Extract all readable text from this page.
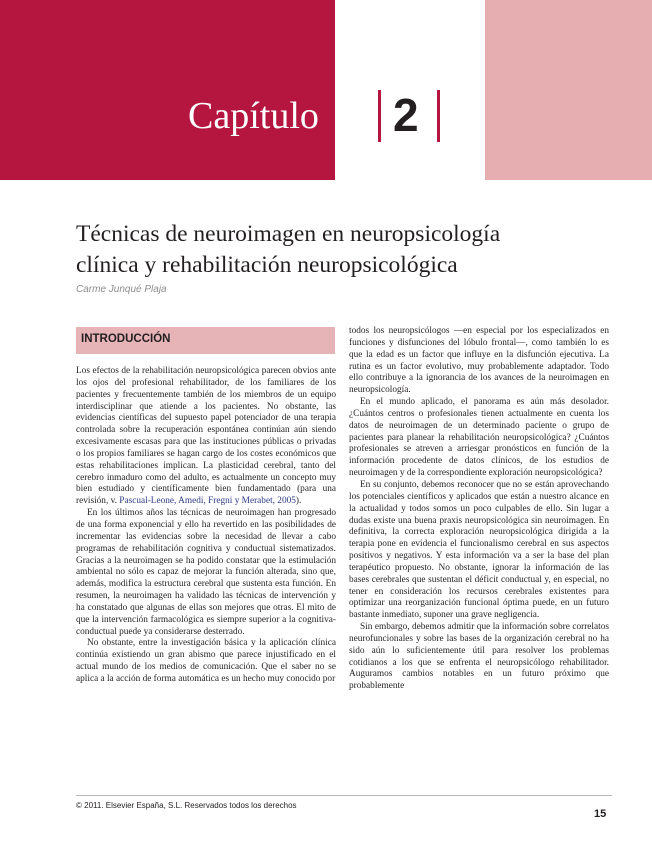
Capítulo 2
Técnicas de neuroimagen en neuropsicología
clínica y rehabilitación neuropsicológica
Carme Junqué Plaja
INTRODUCCIÓN

Los efectos de la rehabilitación neuropsicológica parecen obvios ante los ojos del profesional rehabilitador, de los familiares de los pacientes y frecuentemente también de los miembros de un equipo interdisciplinar que atiende a los pacientes. No obstante, las evidencias científicas del supuesto papel potenciador de una terapia controlada sobre la recuperación espontánea continúan aún siendo excesivamente escasas para que las instituciones públicas o privadas o los propios familiares se hagan cargo de los costes económicos que estas rehabilitaciones implican. La plasticidad cerebral, tanto del cerebro inmaduro como del adulto, es actualmente un concepto muy bien estudiado y científicamente bien fundamentado (para una revisión, v. Pascual-Leone, Amedi, Fregni y Merabet, 2005).

En los últimos años las técnicas de neuroimagen han progresado de una forma exponencial y ello ha revertido en las posibilidades de incrementar las evidencias sobre la necesidad de llevar a cabo programas de rehabilitación cognitiva y conductual sistematizados. Gracias a la neuroimagen se ha podido constatar que la estimulación ambiental no sólo es capaz de mejorar la función alterada, sino que, además, modifica la estructura cerebral que sustenta esta función. En resumen, la neuroimagen ha validado las técnicas de intervención y ha constatado que algunas de ellas son mejores que otras. El mito de que la intervención farmacológica es siempre superior a la cognitiva-conductual puede ya considerarse desterrado.

No obstante, entre la investigación básica y la aplicación clínica continúa existiendo un gran abismo que parece injustificado en el actual mundo de los medios de comunicación. Que el saber no se aplica a la acción de forma automática es un hecho muy conocido por

todos los neuropsicólogos —en especial por los especializados en funciones y disfunciones del lóbulo frontal—, como también lo es que la edad es un factor que influye en la disfunción ejecutiva. La rutina es un factor evolutivo, muy probablemente adaptador. Todo ello contribuye a la ignorancia de los avances de la neuroimagen en neuropsicología.

En el mundo aplicado, el panorama es aún más desolador. ¿Cuántos centros o profesionales tienen actualmente en cuenta los datos de neuroimagen de un determinado paciente o grupo de pacientes para planear la rehabilitación neuropsicológica? ¿Cuántos profesionales se atreven a arriesgar pronósticos en función de la información procedente de datos clínicos, de los estudios de neuroimagen y de la correspondiente exploración neuropsicológica?

En su conjunto, debemos reconocer que no se están aprovechando los potenciales científicos y aplicados que están a nuestro alcance en la actualidad y todos somos un poco culpables de ello. Sin lugar a dudas existe una buena praxis neuropsicológica sin neuroimagen. En definitiva, la correcta exploración neuropsicológica dirigida a la terapia pone en evidencia el funcionalismo cerebral en sus aspectos positivos y negativos. Y esta información va a ser la base del plan terapéutico propuesto. No obstante, ignorar la información de las bases cerebrales que sustentan el déficit conductual y, en especial, no tener en consideración los recursos cerebrales existentes para optimizar una reorganización funcional óptima puede, en un futuro bastante inmediato, suponer una grave negligencia.

Sin embargo, debemos admitir que la información sobre correlatos neurofuncionales y sobre las bases de la organización cerebral no ha sido aún lo suficientemente útil para resolver los problemas cotidianos a los que se enfrenta el neuropsicólogo rehabilitador. Auguramos cambios notables en un futuro próximo que probablemente

© 2011. Elsevier España, S.L. Reservados todos los derechos
15
